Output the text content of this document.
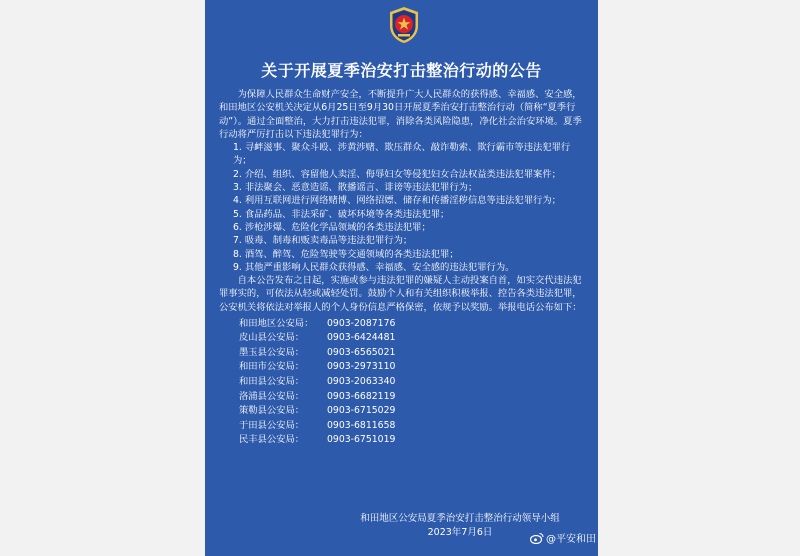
关于开展夏季治安打击整治行动的公告

为保障人民群众生命财产安全，不断提升广大人民群众的获得感、幸福感、安全感，和田地区公安机关决定从6月25日至9月30日开展夏季治安打击整治行动（简称“夏季行动”）。通过全面整治，大力打击违法犯罪，消除各类风险隐患，净化社会治安环境。夏季行动将严厉打击以下违法犯罪行为：

1. 寻衅滋事、聚众斗殴、涉黄涉赌、欺压群众、敲诈勒索、欺行霸市等违法犯罪行为；

2. 介绍、组织、容留他人卖淫、侮辱妇女等侵犯妇女合法权益类违法犯罪案件；

3. 非法聚会、恶意造谣、散播谣言、诽谤等违法犯罪行为；

4. 利用互联网进行网络赌博、网络招嫖、储存和传播淫秽信息等违法犯罪行为；

5. 食品药品、非法采矿、破坏环境等各类违法犯罪；

6. 涉枪涉爆、危险化学品领域的各类违法犯罪；

7. 吸毒、制毒和贩卖毒品等违法犯罪行为；

8. 酒驾、醉驾、危险驾驶等交通领域的各类违法犯罪；

9. 其他严重影响人民群众获得感、幸福感、安全感的违法犯罪行为。

自本公告发布之日起，实施或参与违法犯罪的嫌疑人主动投案自首，如实交代违法犯罪事实的，可依法从轻或减轻处罚。鼓励个人和有关组织积极举报、控告各类违法犯罪，公安机关将依法对举报人的个人身份信息严格保密，依规予以奖励。举报电话公布如下：

和田地区公安局：	0903-2087176
皮山县公安局：	0903-6424481
墨玉县公安局：	0903-6565021
和田市公安局：	0903-2973110
和田县公安局：	0903-2063340
洛浦县公安局：	0903-6682119
策勒县公安局：	0903-6715029
于田县公安局：	0903-6811658
民丰县公安局：	0903-6751019
和田地区公安局夏季治安打击整治行动领导小组
2023年7月6日
@平安和田
